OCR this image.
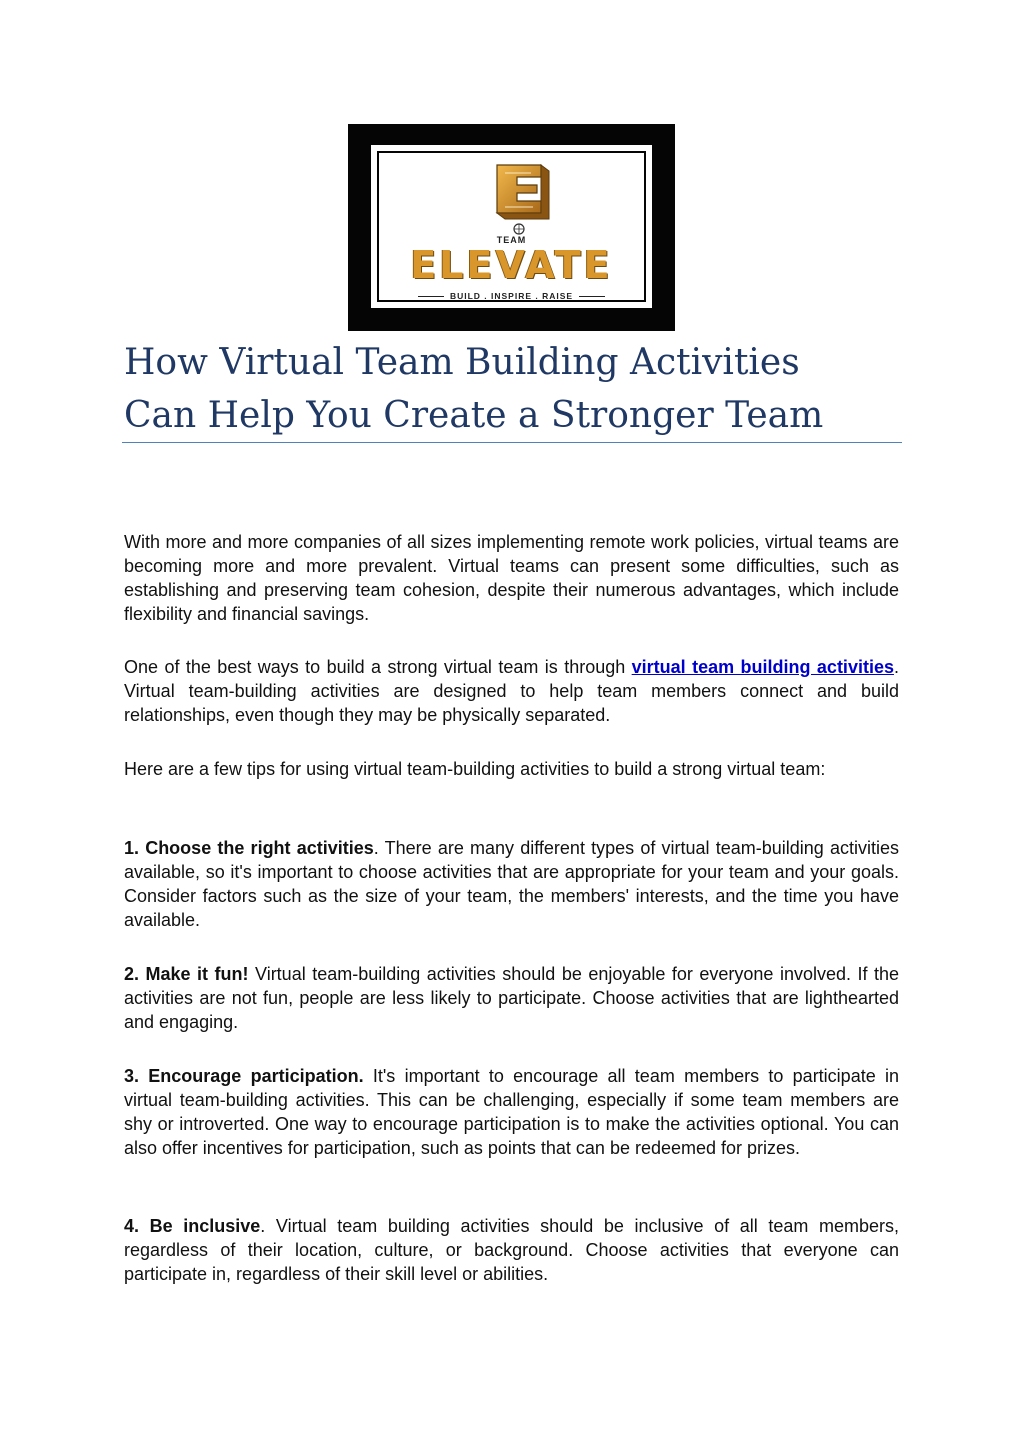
TEAM
ELEVATE
BUILD . INSPIRE . RAISE
How Virtual Team Building Activities
Can Help You Create a Stronger Team

With more and more companies of all sizes implementing remote work policies, virtual teams are becoming more and more prevalent. Virtual teams can present some difficulties, such as establishing and preserving team cohesion, despite their numerous advantages, which include flexibility and financial savings.

One of the best ways to build a strong virtual team is through virtual team building activities. Virtual team-building activities are designed to help team members connect and build relationships, even though they may be physically separated.

Here are a few tips for using virtual team-building activities to build a strong virtual team:

1. Choose the right activities. There are many different types of virtual team-building activities available, so it's important to choose activities that are appropriate for your team and your goals. Consider factors such as the size of your team, the members' interests, and the time you have available.

2. Make it fun! Virtual team-building activities should be enjoyable for everyone involved. If the activities are not fun, people are less likely to participate. Choose activities that are lighthearted and engaging.

3. Encourage participation. It's important to encourage all team members to participate in virtual team-building activities. This can be challenging, especially if some team members are shy or introverted. One way to encourage participation is to make the activities optional. You can also offer incentives for participation, such as points that can be redeemed for prizes.

4. Be inclusive. Virtual team building activities should be inclusive of all team members, regardless of their location, culture, or background. Choose activities that everyone can participate in, regardless of their skill level or abilities.
